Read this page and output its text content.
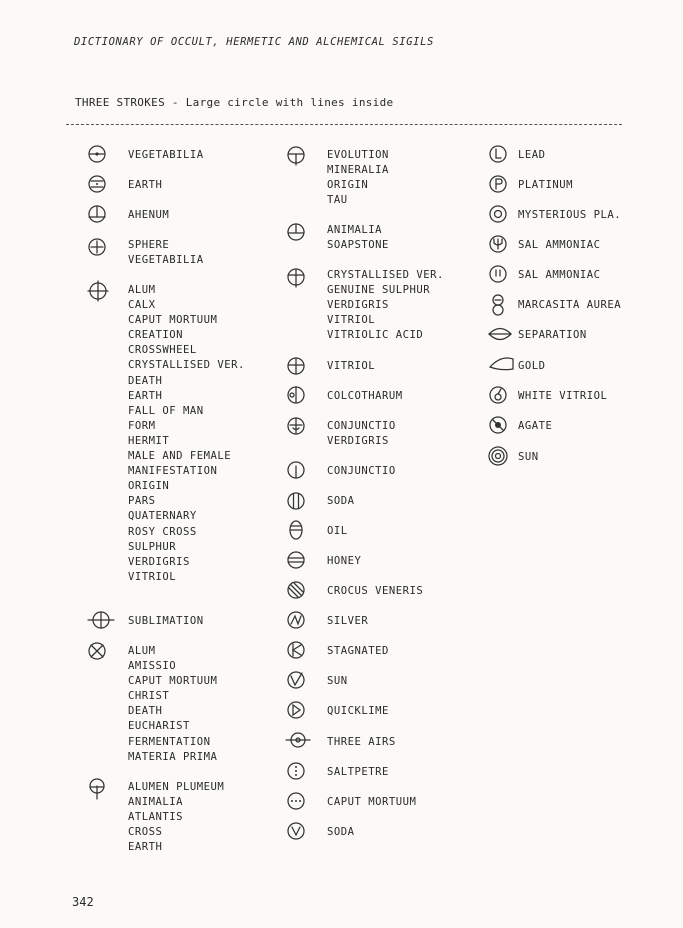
DICTIONARY OF OCCULT, HERMETIC AND ALCHEMICAL SIGILS
THREE STROKES - Large circle with lines inside
VEGETABILIA
EARTH
AHENUM
SPHERE
VEGETABILIA
ALUM
CALX
CAPUT MORTUUM
CREATION
CROSSWHEEL
CRYSTALLISED VER.
DEATH
EARTH
FALL OF MAN
FORM
HERMIT
MALE AND FEMALE
MANIFESTATION
ORIGIN
PARS
QUATERNARY
ROSY CROSS
SULPHUR
VERDIGRIS
VITRIOL
SUBLIMATION
ALUM
AMISSIO
CAPUT MORTUUM
CHRIST
DEATH
EUCHARIST
FERMENTATION
MATERIA PRIMA
ALUMEN PLUMEUM
ANIMALIA
ATLANTIS
CROSS
EARTH
EVOLUTION
MINERALIA
ORIGIN
TAU
ANIMALIA
SOAPSTONE
CRYSTALLISED VER.
GENUINE SULPHUR
VERDIGRIS
VITRIOL
VITRIOLIC ACID
VITRIOL
COLCOTHARUM
CONJUNCTIO
VERDIGRIS
CONJUNCTIO
SODA
OIL
HONEY
CROCUS VENERIS
SILVER
STAGNATED
SUN
QUICKLIME
THREE AIRS
SALTPETRE
CAPUT MORTUUM
SODA
LEAD
PLATINUM
MYSTERIOUS PLA.
SAL AMMONIAC
SAL AMMONIAC
MARCASITA AUREA
SEPARATION
GOLD
WHITE VITRIOL
AGATE
SUN
342
